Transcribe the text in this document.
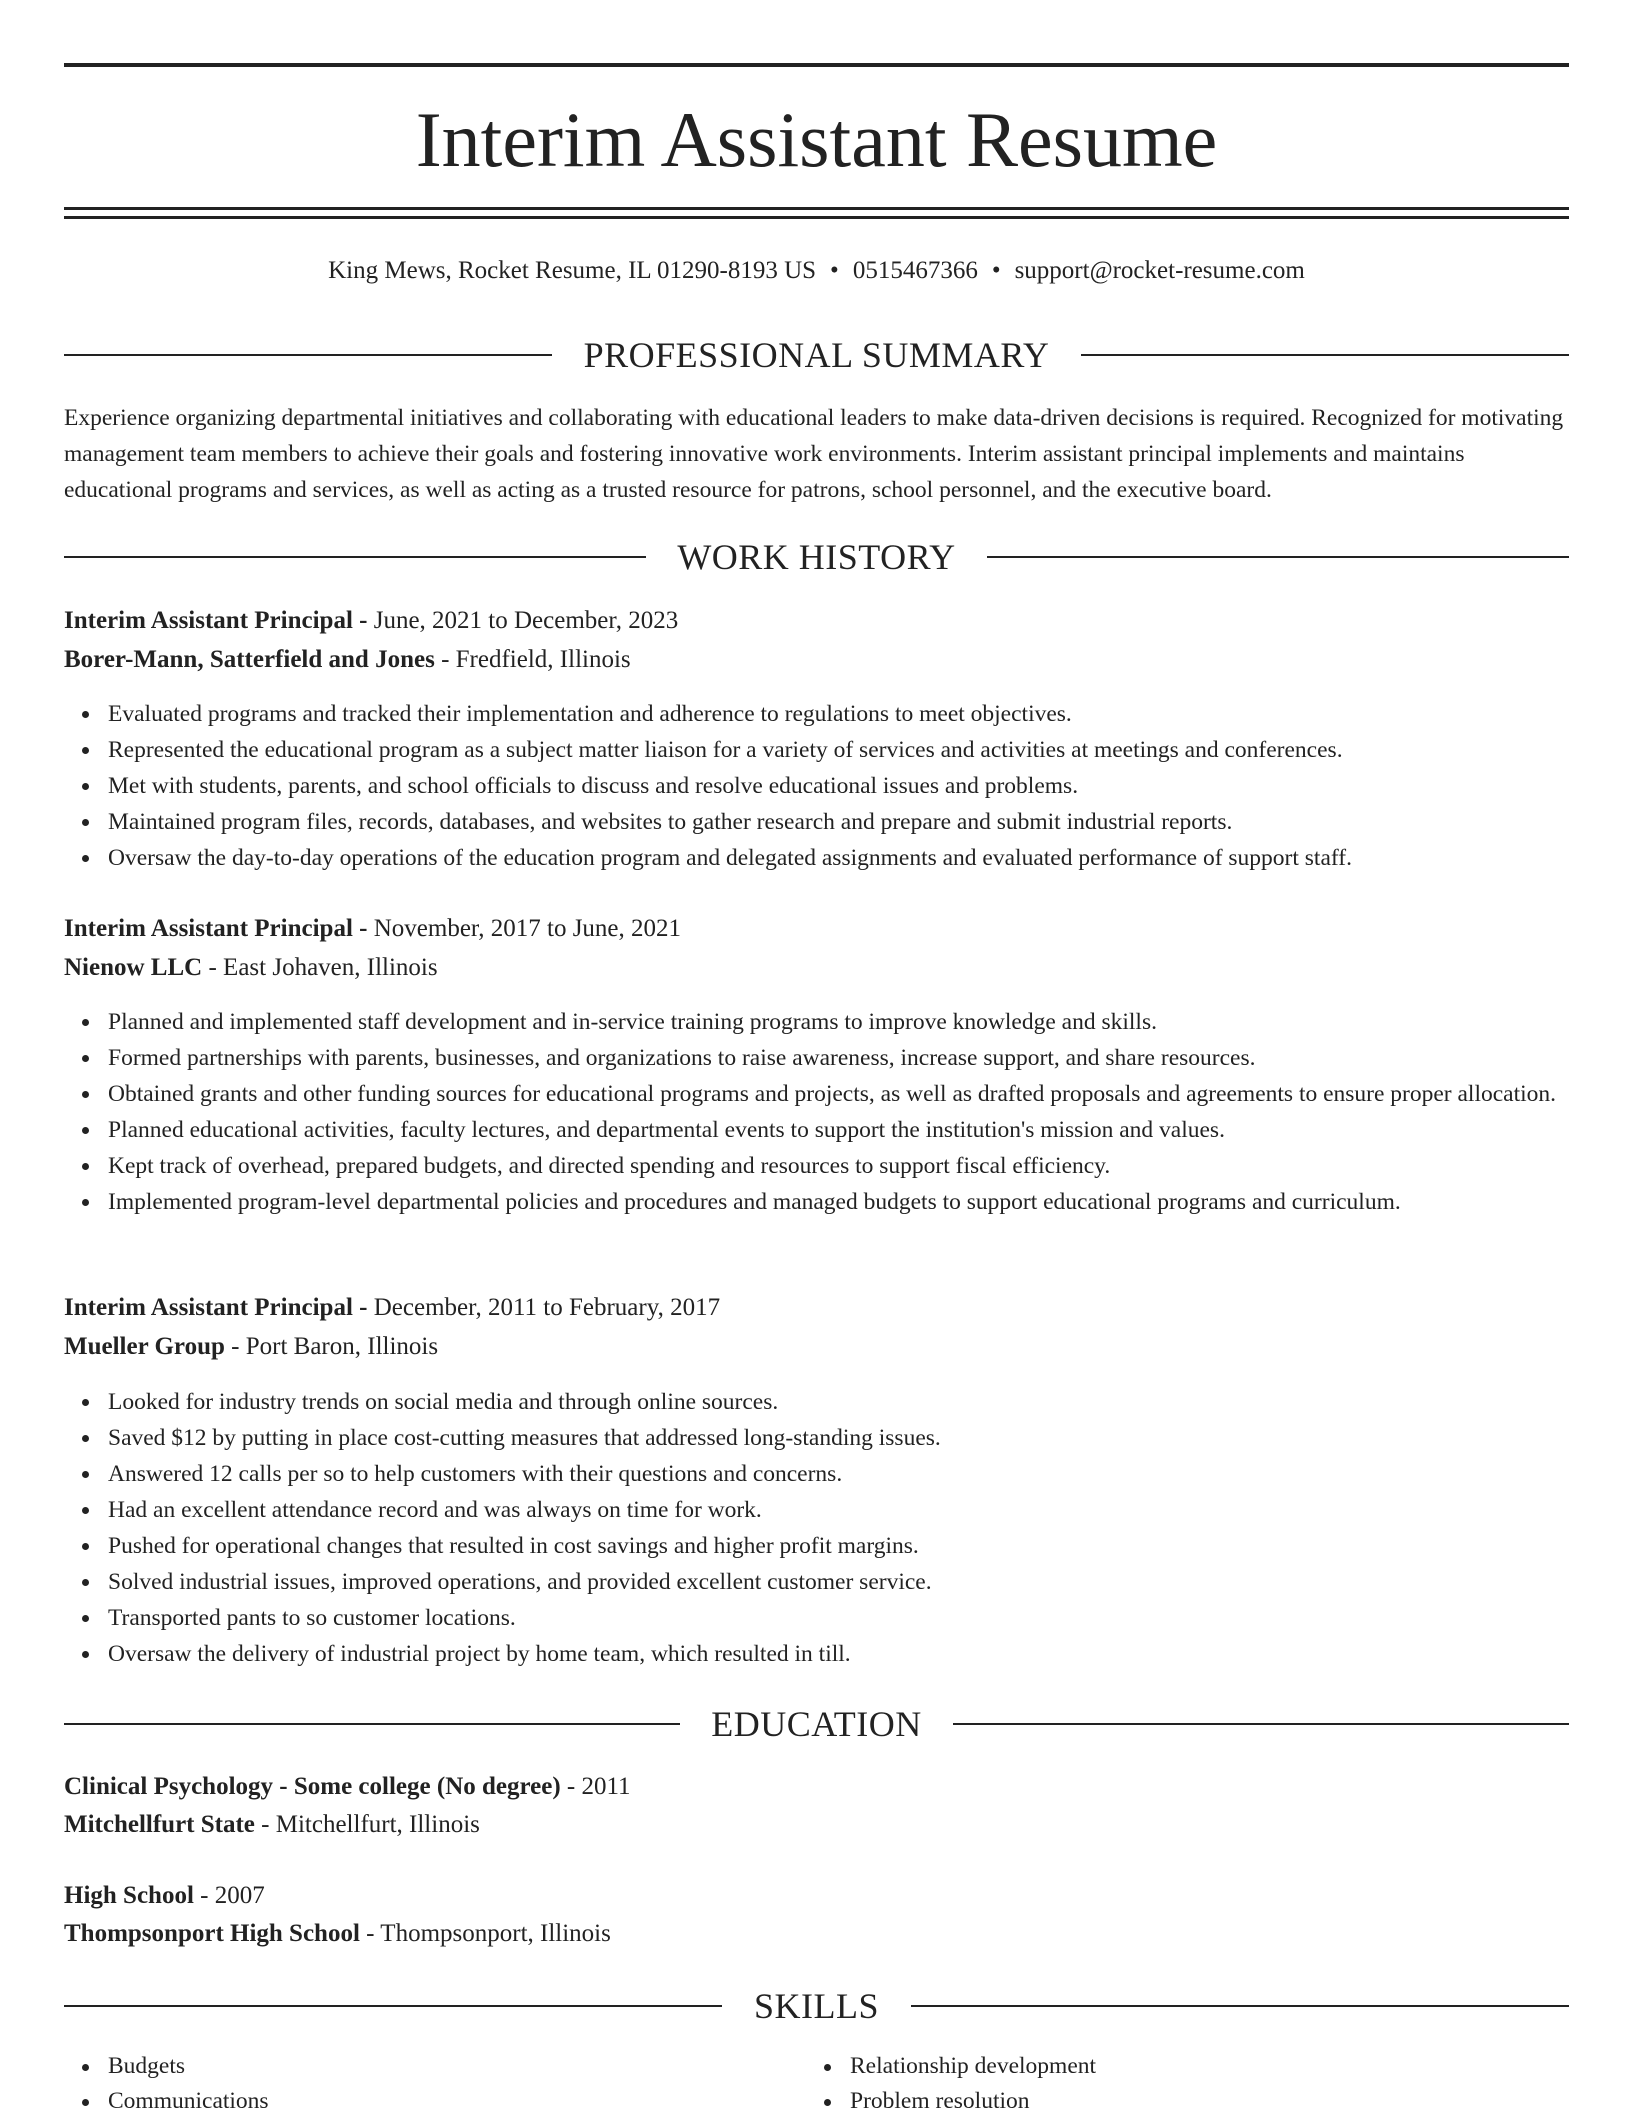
Interim Assistant Resume
King Mews, Rocket Resume, IL 01290-8193 US • 0515467366 • support@rocket-resume.com
PROFESSIONAL SUMMARY
Experience organizing departmental initiatives and collaborating with educational leaders to make data-driven decisions is required. Recognized for motivating management team members to achieve their goals and fostering innovative work environments. Interim assistant principal implements and maintains educational programs and services, as well as acting as a trusted resource for patrons, school personnel, and the executive board.
WORK HISTORY
Interim Assistant Principal - June, 2021 to December, 2023
Borer-Mann, Satterfield and Jones - Fredfield, Illinois
Evaluated programs and tracked their implementation and adherence to regulations to meet objectives.
Represented the educational program as a subject matter liaison for a variety of services and activities at meetings and conferences.
Met with students, parents, and school officials to discuss and resolve educational issues and problems.
Maintained program files, records, databases, and websites to gather research and prepare and submit industrial reports.
Oversaw the day-to-day operations of the education program and delegated assignments and evaluated performance of support staff.
Interim Assistant Principal - November, 2017 to June, 2021
Nienow LLC - East Johaven, Illinois
Planned and implemented staff development and in-service training programs to improve knowledge and skills.
Formed partnerships with parents, businesses, and organizations to raise awareness, increase support, and share resources.
Obtained grants and other funding sources for educational programs and projects, as well as drafted proposals and agreements to ensure proper allocation.
Planned educational activities, faculty lectures, and departmental events to support the institution's mission and values.
Kept track of overhead, prepared budgets, and directed spending and resources to support fiscal efficiency.
Implemented program-level departmental policies and procedures and managed budgets to support educational programs and curriculum.
Interim Assistant Principal - December, 2011 to February, 2017
Mueller Group - Port Baron, Illinois
Looked for industry trends on social media and through online sources.
Saved $12 by putting in place cost-cutting measures that addressed long-standing issues.
Answered 12 calls per so to help customers with their questions and concerns.
Had an excellent attendance record and was always on time for work.
Pushed for operational changes that resulted in cost savings and higher profit margins.
Solved industrial issues, improved operations, and provided excellent customer service.
Transported pants to so customer locations.
Oversaw the delivery of industrial project by home team, which resulted in till.
EDUCATION
Clinical Psychology - Some college (No degree) - 2011
Mitchellfurt State - Mitchellfurt, Illinois
High School - 2007
Thompsonport High School - Thompsonport, Illinois
SKILLS
Budgets
Communications
Relationship development
Problem resolution
